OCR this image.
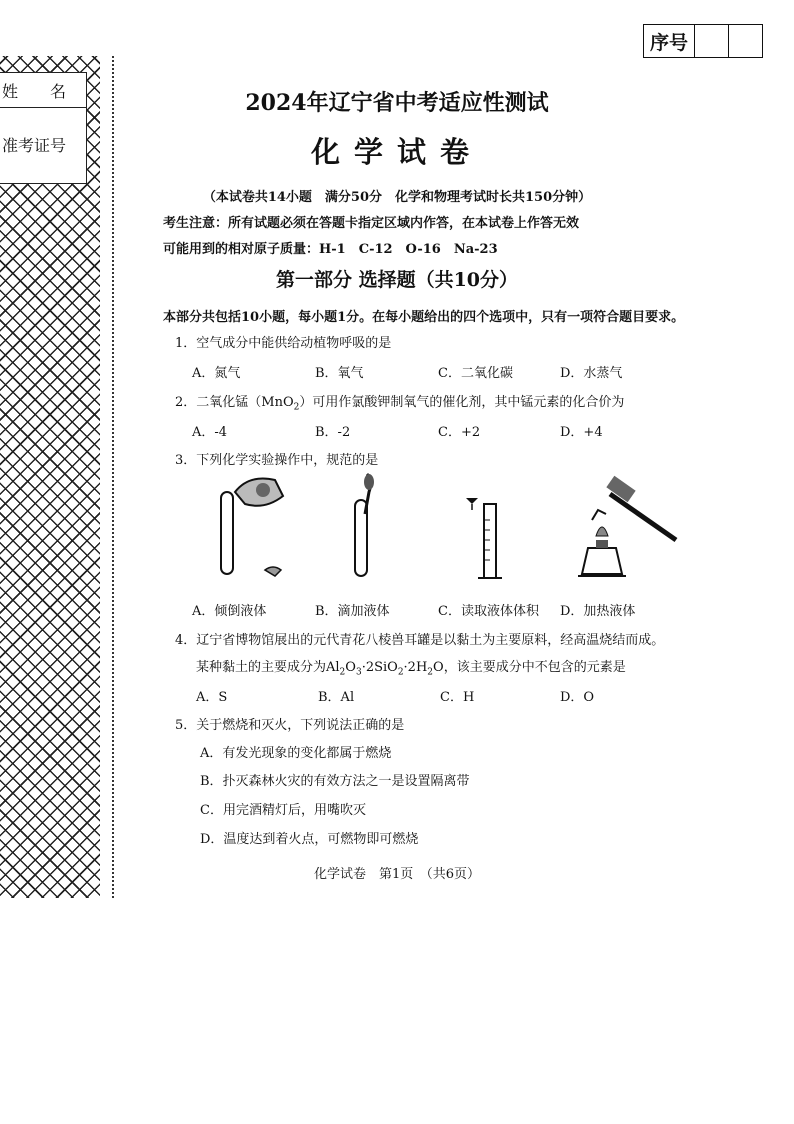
姓　　名
准考证号
序号
2024年辽宁省中考适应性测试
化学试卷
（本试卷共14小题　满分50分　化学和物理考试时长共150分钟）
考生注意：所有试题必须在答题卡指定区域内作答，在本试卷上作答无效
可能用到的相对原子质量：H-1　C-12　O-16　Na-23
第一部分 选择题（共10分）
本部分共包括10小题，每小题1分。在每小题给出的四个选项中，只有一项符合题目要求。
1．空气成分中能供给动植物呼吸的是
A．氮气	B．氧气	C．二氧化碳	D．水蒸气
2．二氧化锰（MnO$_2$）可用作氯酸钾制氧气的催化剂，其中锰元素的化合价为
A．-4	B．-2	C．+2	D．+4
3．下列化学实验操作中，规范的是
A．倾倒液体	B．滴加液体	C．读取液体体积 D．加热液体
4．辽宁省博物馆展出的元代青花八棱兽耳罐是以黏土为主要原料，经高温烧结而成。
某种黏土的主要成分为$Al_2O_3\cdot 2SiO_2\cdot 2H_2O$，该主要成分中不包含的元素是
A．S	B．Al	C．H	D．O
5．关于燃烧和灭火，下列说法正确的是
A．有发光现象的变化都属于燃烧
B．扑灭森林火灾的有效方法之一是设置隔离带
C．用完酒精灯后，用嘴吹灭
D．温度达到着火点，可燃物即可燃烧
化学试卷　第1页　（共6页）
